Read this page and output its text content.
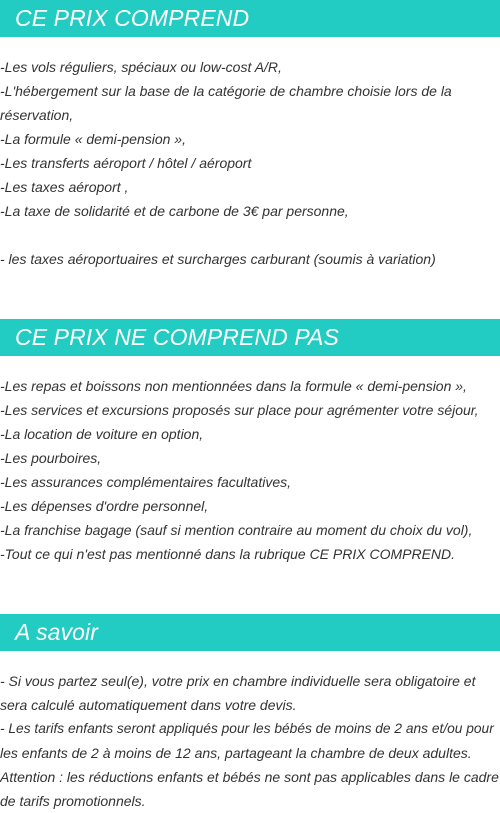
CE PRIX COMPREND
-Les vols réguliers, spéciaux ou low-cost A/R,
-L'hébergement sur la base de la catégorie de chambre choisie lors de la
réservation,
-La formule « demi-pension »,
-Les transferts aéroport / hôtel / aéroport
-Les taxes aéroport ,
-La taxe de solidarité et de carbone de 3€ par personne,
- les taxes aéroportuaires et surcharges carburant (soumis à variation)
CE PRIX NE COMPREND PAS
-Les repas et boissons non mentionnées dans la formule « demi-pension »,
-Les services et excursions proposés sur place pour agrémenter votre séjour,
-La location de voiture en option,
-Les pourboires,
-Les assurances complémentaires facultatives,
-Les dépenses d'ordre personnel,
-La franchise bagage (sauf si mention contraire au moment du choix du vol),
-Tout ce qui n'est pas mentionné dans la rubrique CE PRIX COMPREND.
A savoir
- Si vous partez seul(e), votre prix en chambre individuelle sera obligatoire et
sera calculé automatiquement dans votre devis.
- Les tarifs enfants seront appliqués pour les bébés de moins de 2 ans et/ou pour
les enfants de 2 à moins de 12 ans, partageant la chambre de deux adultes.
Attention : les réductions enfants et bébés ne sont pas applicables dans le cadre
de tarifs promotionnels.
